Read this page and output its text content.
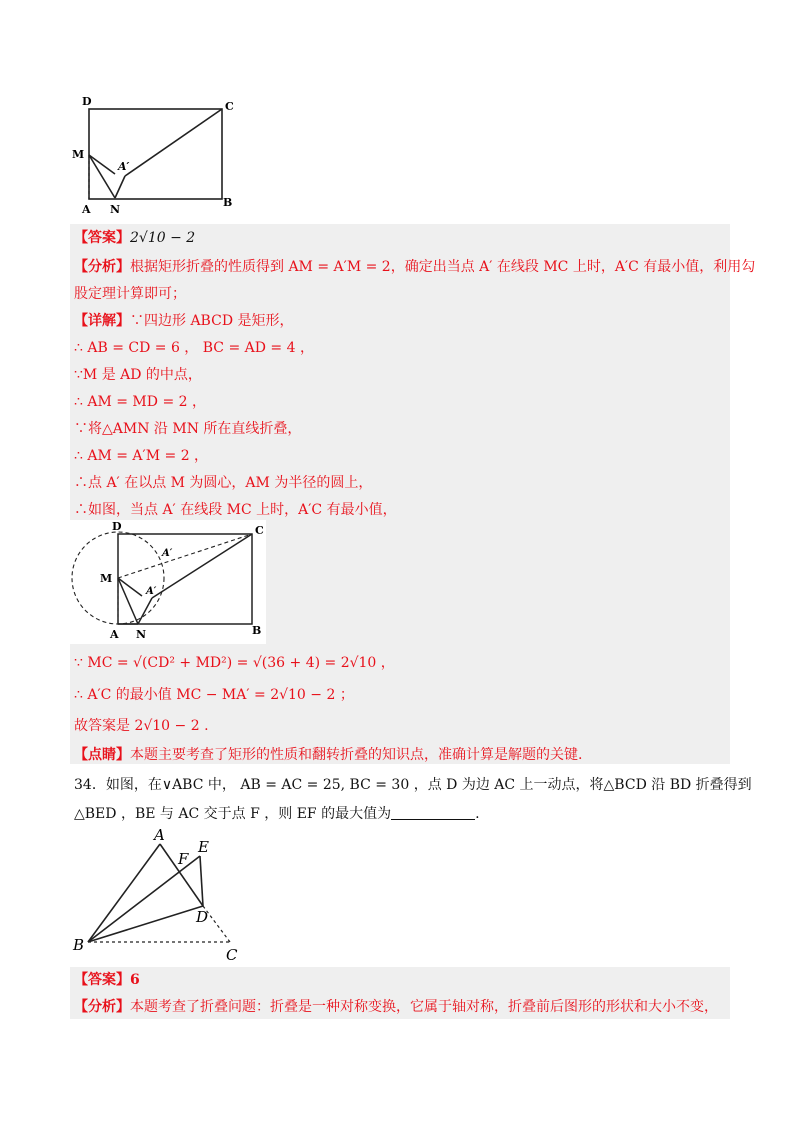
D	C
M
A′
A N
B
【答案】2√10 − 2
【分析】根据矩形折叠的性质得到 AM = A′M = 2，确定出当点 A′ 在线段 MC 上时，A′C 有最小值，利用勾
股定理计算即可；
【详解】∵四边形 ABCD 是矩形，
∴ AB = CD = 6 ， BC = AD = 4 ，
∵M 是 AD 的中点，
∴ AM = MD = 2 ，
∵将△AMN 沿 MN 所在直线折叠，
∴ AM = A′M = 2 ，
∴点 A′ 在以点 M 为圆心，AM 为半径的圆上，
∴如图，当点 A′ 在线段 MC 上时，A′C 有最小值，
D	C
A′
M
A′
A N	B
∵ MC = √(CD² + MD²) = √(36 + 4) = 2√10 ，
∴ A′C 的最小值 MC − MA′ = 2√10 − 2 ；
故答案是 2√10 − 2 .
【点睛】本题主要考查了矩形的性质和翻转折叠的知识点，准确计算是解题的关键.
34．如图，在∨ABC 中， AB = AC = 25, BC = 30 ，点 D 为边 AC 上一动点，将△BCD 沿 BD 折叠得到
△BED ，BE 与 AC 交于点 F ，则 EF 的最大值为	.
A
E
F
D
B
C
【答案】6
【分析】本题考查了折叠问题：折叠是一种对称变换，它属于轴对称，折叠前后图形的形状和大小不变，
